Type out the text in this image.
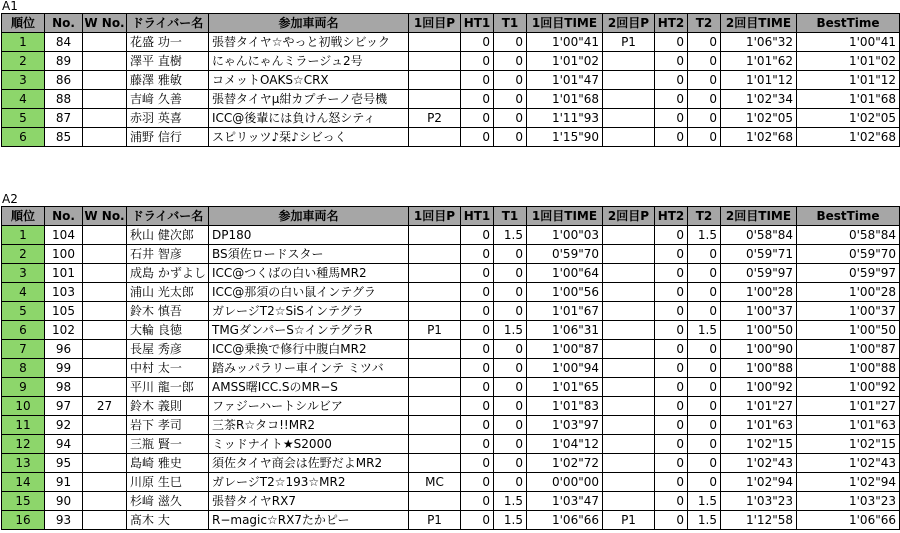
A1
順位	No.	W No.	ドライバー名	参加車両名	1回目P	HT1	T1	1回目TIME	2回目P	HT2	T2	2回目TIME	BestTime
1	84		花盛 功一	張替タイヤ☆やっと初戦シビック		0	0	1'00"41	P1	0	0	1'06"32	1'00"41
2	89		澤平 直樹	にゃんにゃんミラージュ2号		0	0	1'01"02		0	0	1'01"62	1'01"02
3	86		藤澤 雅敏	コメットOAKS☆CRX		0	0	1'01"47		0	0	1'01"12	1'01"12
4	88		吉﨑 久善	張替タイヤμ紺カプチーノ壱号機		0	0	1'01"68		0	0	1'02"34	1'01"68
5	87		赤羽 英喜	ICC@後輩には負けん怒シティ	P2	0	0	1'11"93		0	0	1'02"05	1'02"05
6	85		浦野 信行	スピリッツ♪栞♪シビっく		0	0	1'15"90		0	0	1'02"68	1'02"68
A2
順位	No.	W No.	ドライバー名	参加車両名	1回目P	HT1	T1	1回目TIME	2回目P	HT2	T2	2回目TIME	BestTime
1	104		秋山 健次郎	DP180		0	1.5	1'00"03		0	1.5	0'58"84	0'58"84
2	100		石井 智彦	BS須佐ロードスター		0	0	0'59"70		0	0	0'59"71	0'59"70
3	101		成島 かずよし	ICC@つくばの白い種馬MR2		0	0	1'00"64		0	0	0'59"97	0'59"97
4	103		浦山 光太郎	ICC@那須の白い鼠インテグラ		0	0	1'00"56		0	0	1'00"28	1'00"28
5	105		鈴木 慎吾	ガレージT2☆SiSインテグラ		0	0	1'01"67		0	0	1'00"37	1'00"37
6	102		大輪 良徳	TMGダンパーS☆インテグラR	P1	0	1.5	1'06"31		0	1.5	1'00"50	1'00"50
7	96		長屋 秀彦	ICC@乗換で修行中腹白MR2		0	0	1'00"87		0	0	1'00"90	1'00"87
8	99		中村 太一	踏みッパラリー車インテ ミツバ		0	0	1'00"94		0	0	1'00"88	1'00"88
9	98		平川 龍一郎	AMSS曙ICC.SのMR−S		0	0	1'01"65		0	0	1'00"92	1'00"92
10	97	27	鈴木 義則	ファジーハートシルビア		0	0	1'01"83		0	0	1'01"27	1'01"27
11	92		岩下 孝司	三茶R☆タコ!!MR2		0	0	1'03"97		0	0	1'01"63	1'01"63
12	94		三瓶 賢一	ミッドナイト★S2000		0	0	1'04"12		0	0	1'02"15	1'02"15
13	95		島崎 雅史	須佐タイヤ商会は佐野だよMR2		0	0	1'02"72		0	0	1'02"43	1'02"43
14	91		川原 生巳	ガレージT2☆193☆MR2	MC	0	0	0'00"00		0	0	1'02"94	1'02"94
15	90		杉﨑 滋久	張替タイヤRX7		0	1.5	1'03"47		0	1.5	1'03"23	1'03"23
16	93		髙木 大	R−magic☆RX7たかピー	P1	0	1.5	1'06"66	P1	0	1.5	1'12"58	1'06"66
